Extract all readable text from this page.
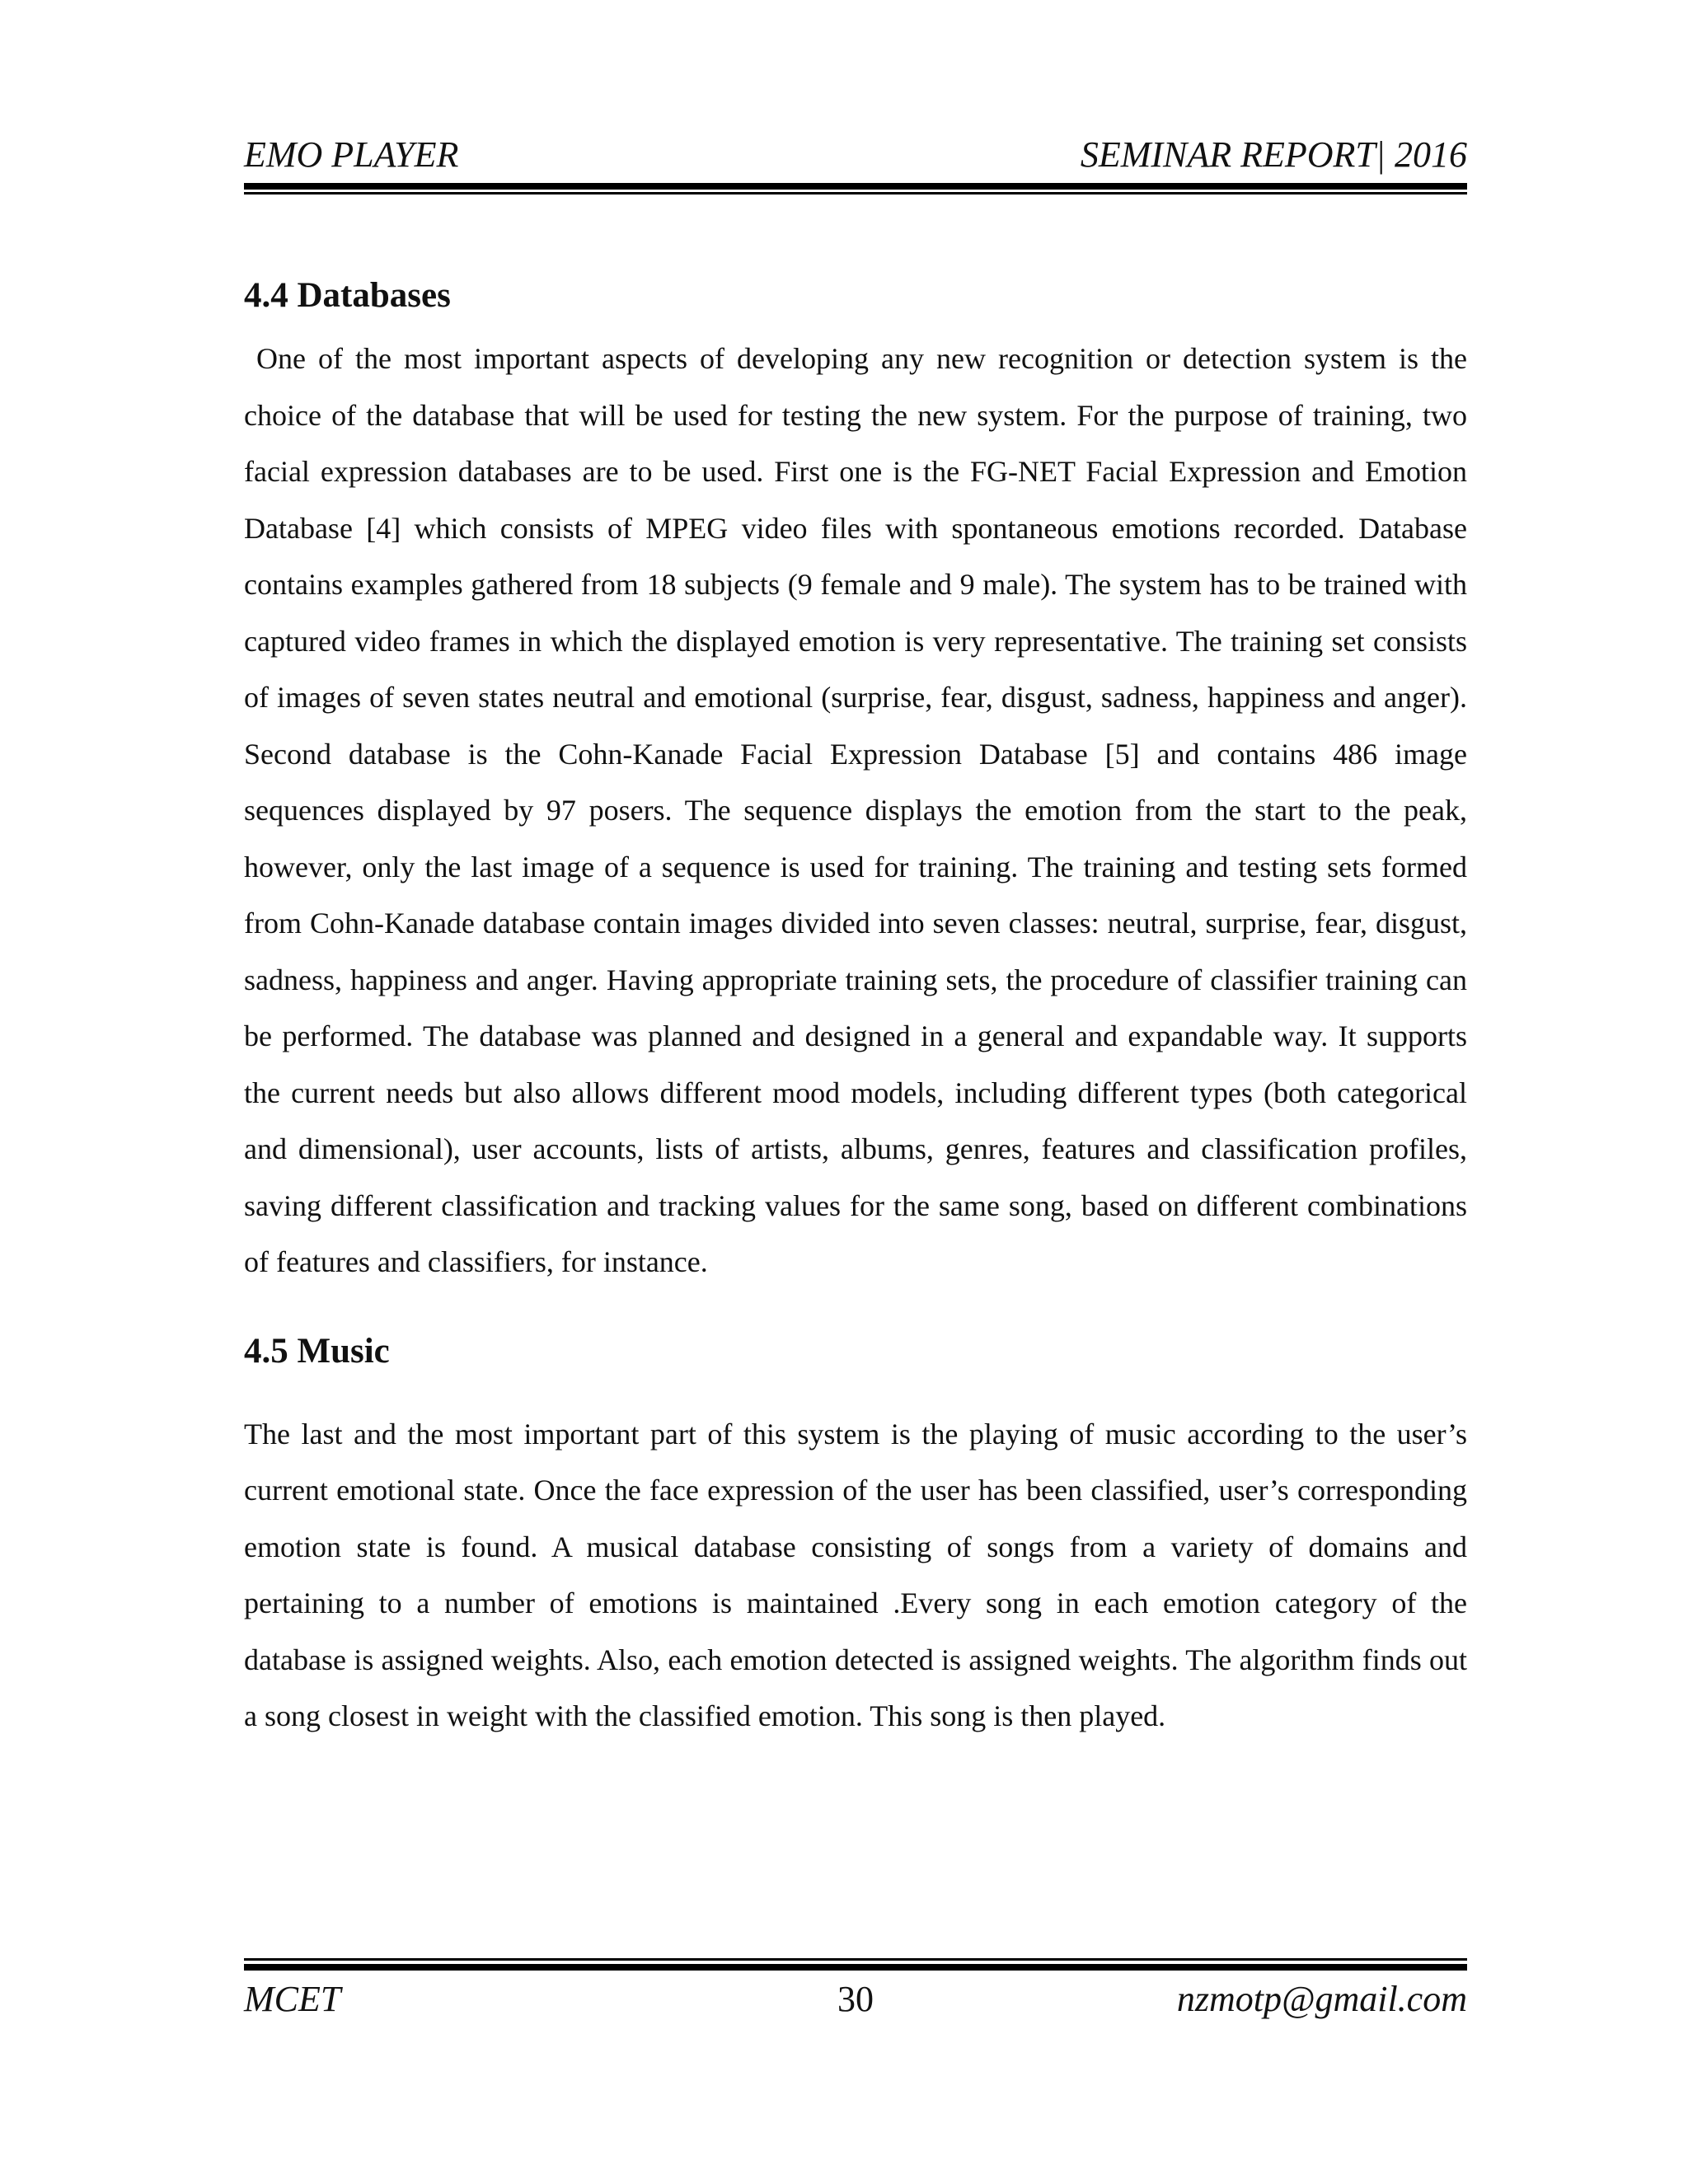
EMO PLAYER	SEMINAR REPORT| 2016
4.4 Databases

One of the most important aspects of developing any new recognition or detection system is the choice of the database that will be used for testing the new system. For the purpose of training, two facial expression databases are to be used. First one is the FG-NET Facial Expression and Emotion Database [4] which consists of MPEG video files with spontaneous emotions recorded. Database contains examples gathered from 18 subjects (9 female and 9 male). The system has to be trained with captured video frames in which the displayed emotion is very representative. The training set consists of images of seven states neutral and emotional (surprise, fear, disgust, sadness, happiness and anger). Second database is the Cohn-Kanade Facial Expression Database [5] and contains 486 image sequences displayed by 97 posers. The sequence displays the emotion from the start to the peak, however, only the last image of a sequence is used for training. The training and testing sets formed from Cohn-Kanade database contain images divided into seven classes: neutral, surprise, fear, disgust, sadness, happiness and anger. Having appropriate training sets, the procedure of classifier training can be performed. The database was planned and designed in a general and expandable way. It supports the current needs but also allows different mood models, including different types (both categorical and dimensional), user accounts, lists of artists, albums, genres, features and classification profiles, saving different classification and tracking values for the same song, based on different combinations of features and classifiers, for instance.

4.5 Music

The last and the most important part of this system is the playing of music according to the user’s current emotional state. Once the face expression of the user has been classified, user’s corresponding emotion state is found. A musical database consisting of songs from a variety of domains and pertaining to a number of emotions is maintained .Every song in each emotion category of the database is assigned weights. Also, each emotion detected is assigned weights. The algorithm finds out a song closest in weight with the classified emotion. This song is then played.

MCET	30	nzmotp@gmail.com
